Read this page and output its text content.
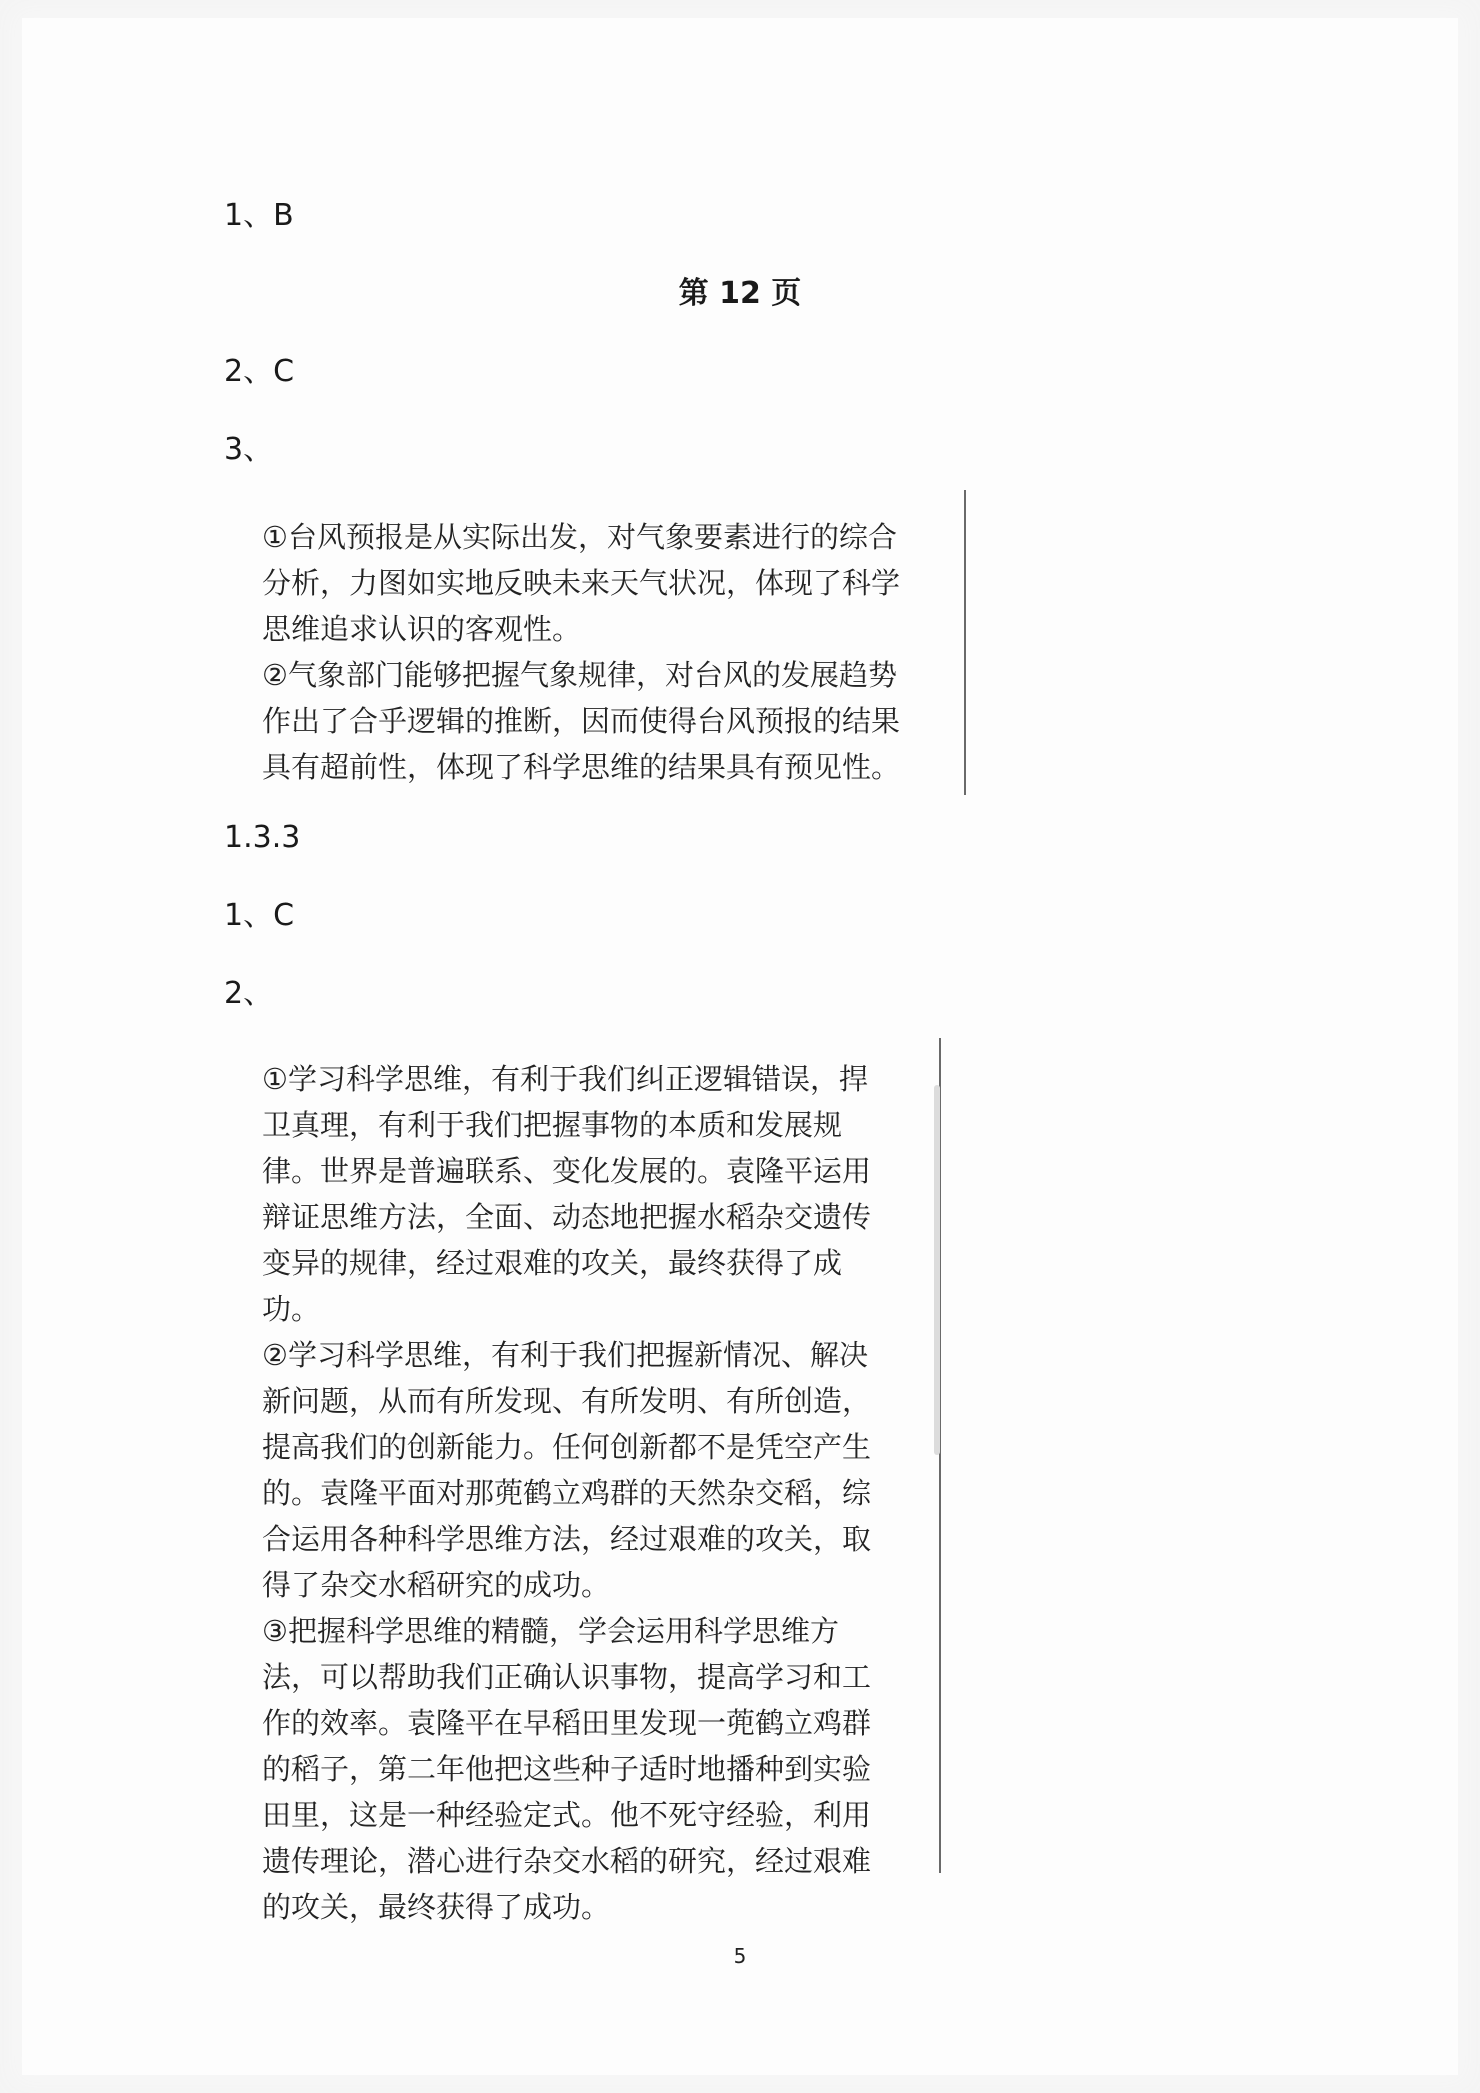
1、B
第 12 页
2、C
3、

①台风预报是从实际出发，对气象要素进行的综合分析，力图如实地反映未来天气状况，体现了科学思维追求认识的客观性。

②气象部门能够把握气象规律，对台风的发展趋势作出了合乎逻辑的推断，因而使得台风预报的结果具有超前性，体现了科学思维的结果具有预见性。

1.3.3
1、C
2、

①学习科学思维，有利于我们纠正逻辑错误，捍卫真理，有利于我们把握事物的本质和发展规律。世界是普遍联系、变化发展的。袁隆平运用辩证思维方法，全面、动态地把握水稻杂交遗传变异的规律，经过艰难的攻关，最终获得了成功。

②学习科学思维，有利于我们把握新情况、解决新问题，从而有所发现、有所发明、有所创造，提高我们的创新能力。任何创新都不是凭空产生的。袁隆平面对那蔸鹤立鸡群的天然杂交稻，综合运用各种科学思维方法，经过艰难的攻关，取得了杂交水稻研究的成功。

③把握科学思维的精髓，学会运用科学思维方法，可以帮助我们正确认识事物，提高学习和工作的效率。袁隆平在早稻田里发现一蔸鹤立鸡群的稻子，第二年他把这些种子适时地播种到实验田里，这是一种经验定式。他不死守经验，利用遗传理论，潜心进行杂交水稻的研究，经过艰难的攻关，最终获得了成功。

5
